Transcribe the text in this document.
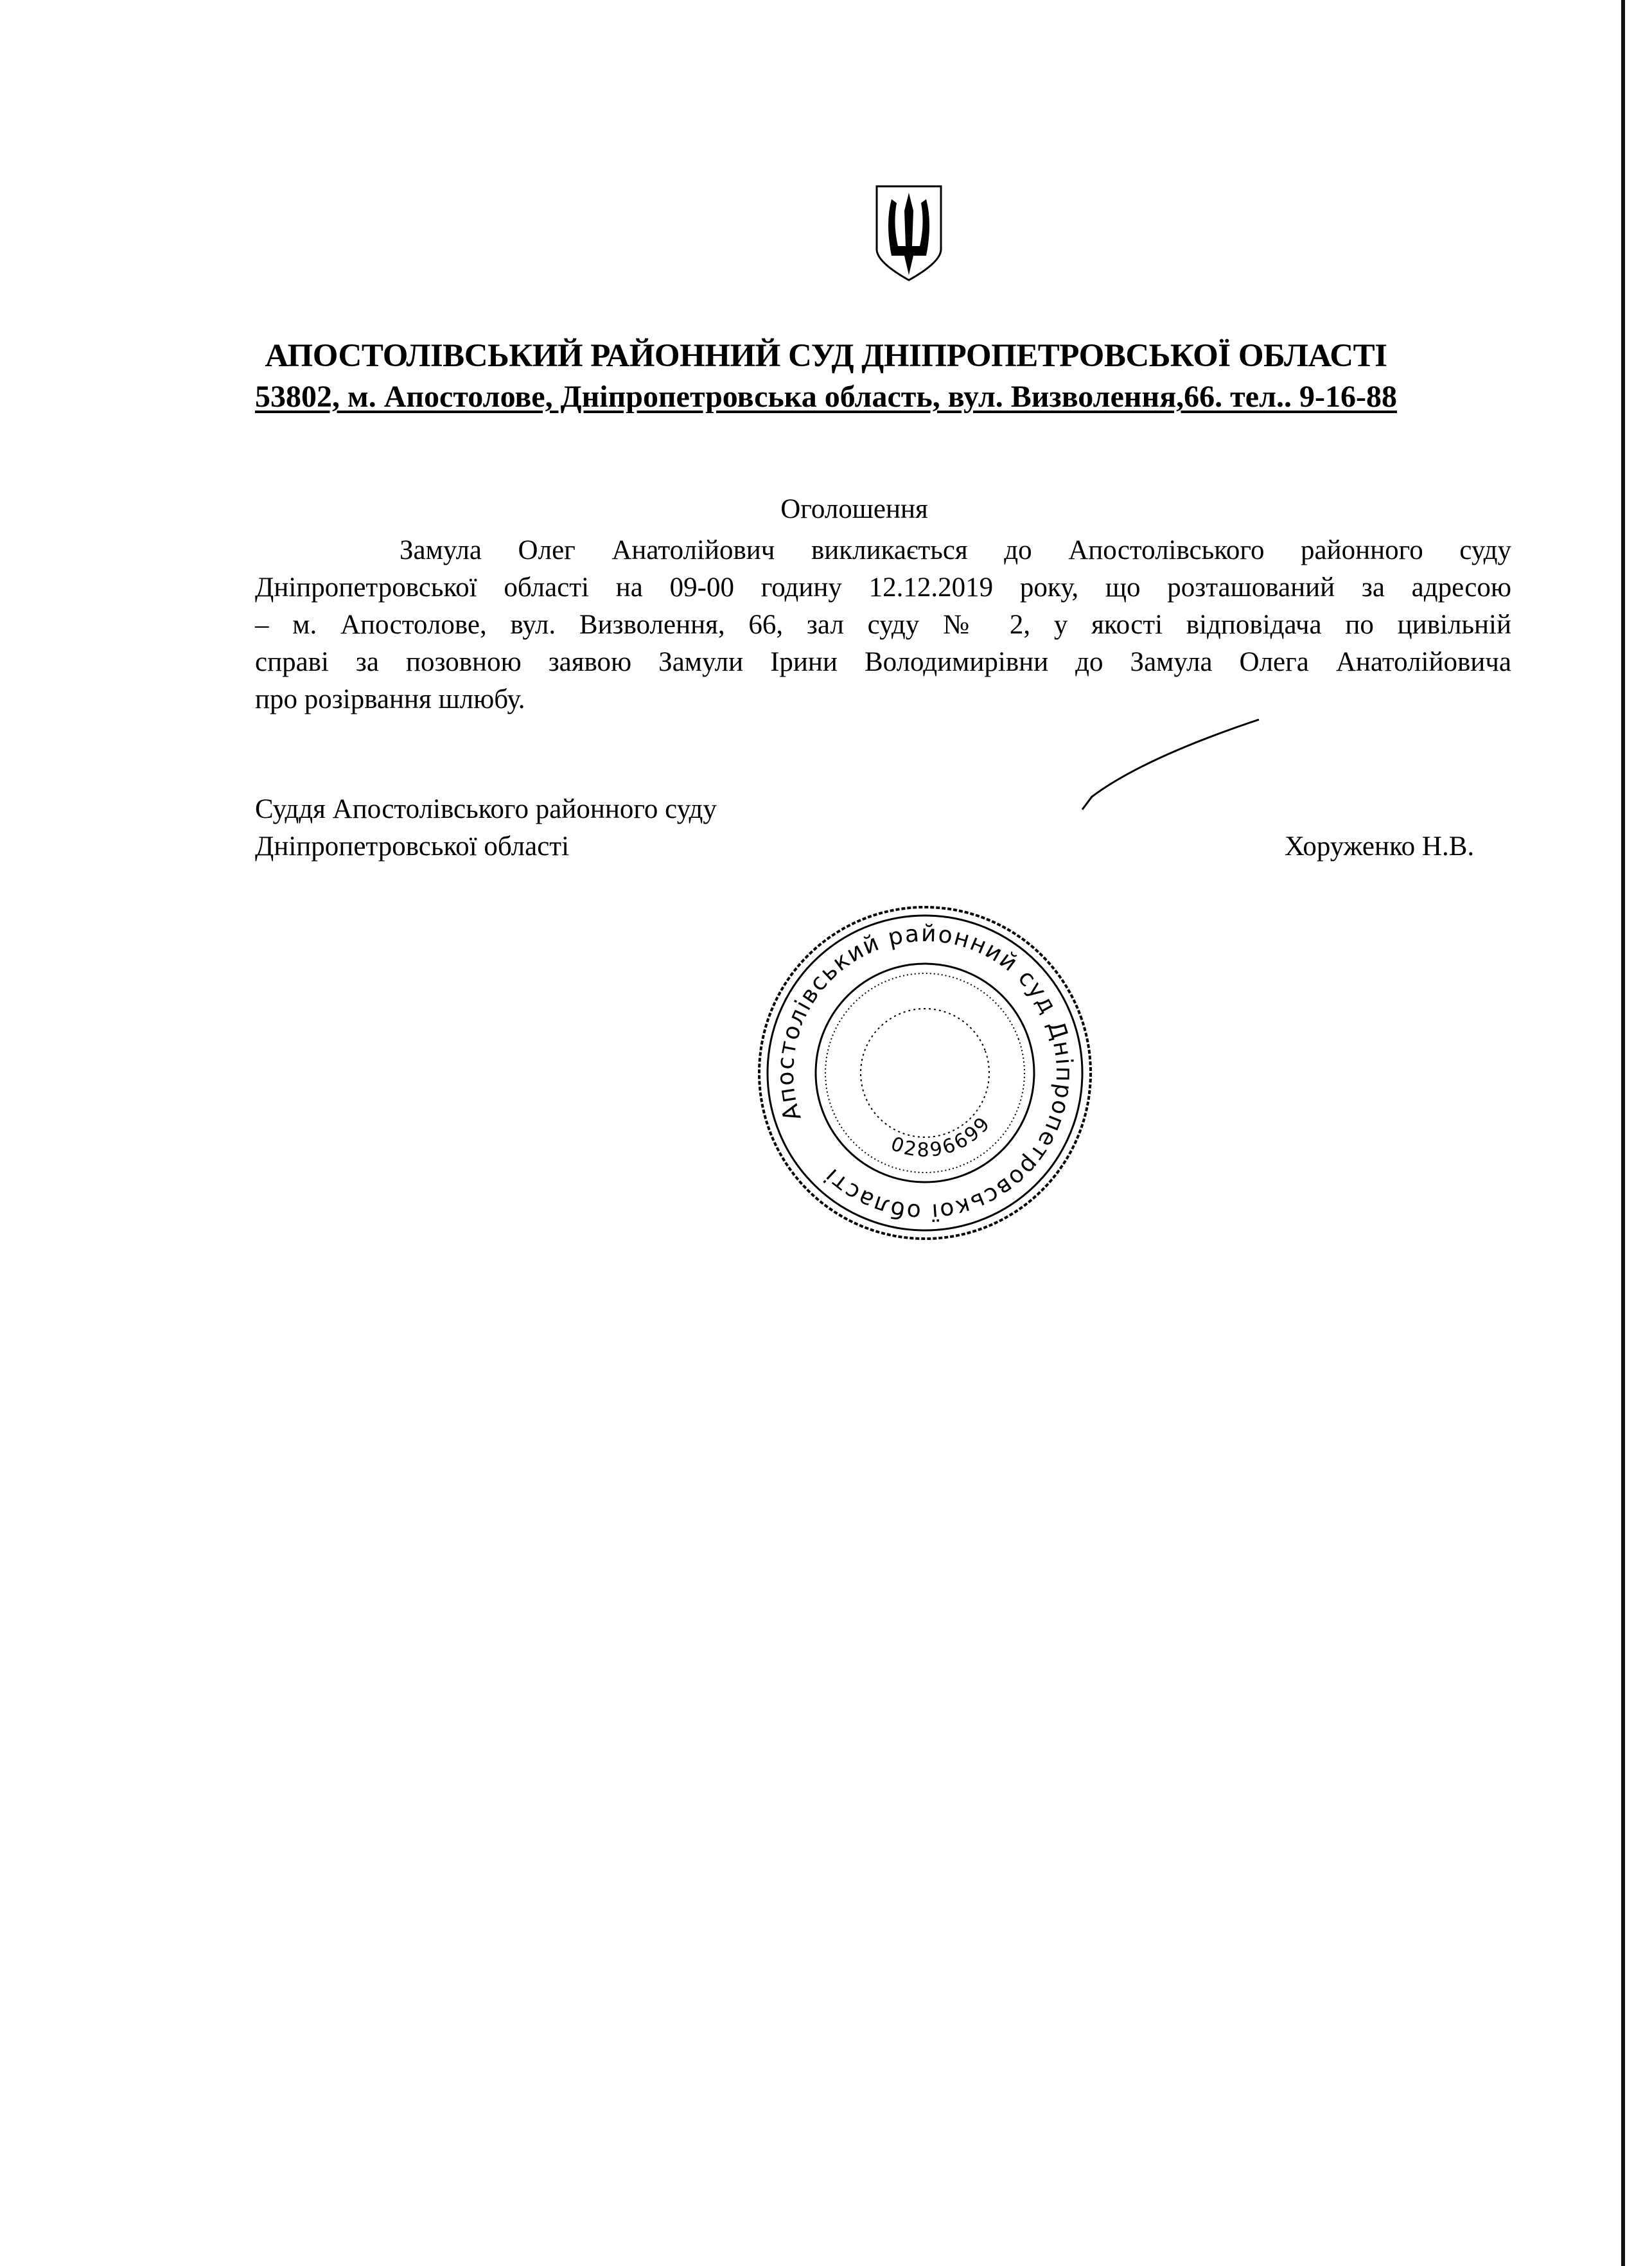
АПОСТОЛІВСЬКИЙ РАЙОННИЙ СУД ДНІПРОПЕТРОВСЬКОЇ ОБЛАСТІ
53802, м. Апостолове, Дніпропетровська область, вул. Визволення,66. тел.. 9-16-88
Оголошення
Замула Олег Анатолійович викликається до Апостолівського районного суду
Дніпропетровської області на 09-00 годину 12.12.2019 року, що розташований за адресою
– м. Апостолове, вул. Визволення, 66, зал суду № 2, у якості відповідача по цивільній
справі за позовною заявою Замули Ірини Володимирівни до Замула Олега Анатолійовича
про розірвання шлюбу.
Суддя Апостолівського районного суду
Дніпропетровської області	Хоруженко Н.В.
Апостолівський районний суд Дніпропетровської області
02896699
